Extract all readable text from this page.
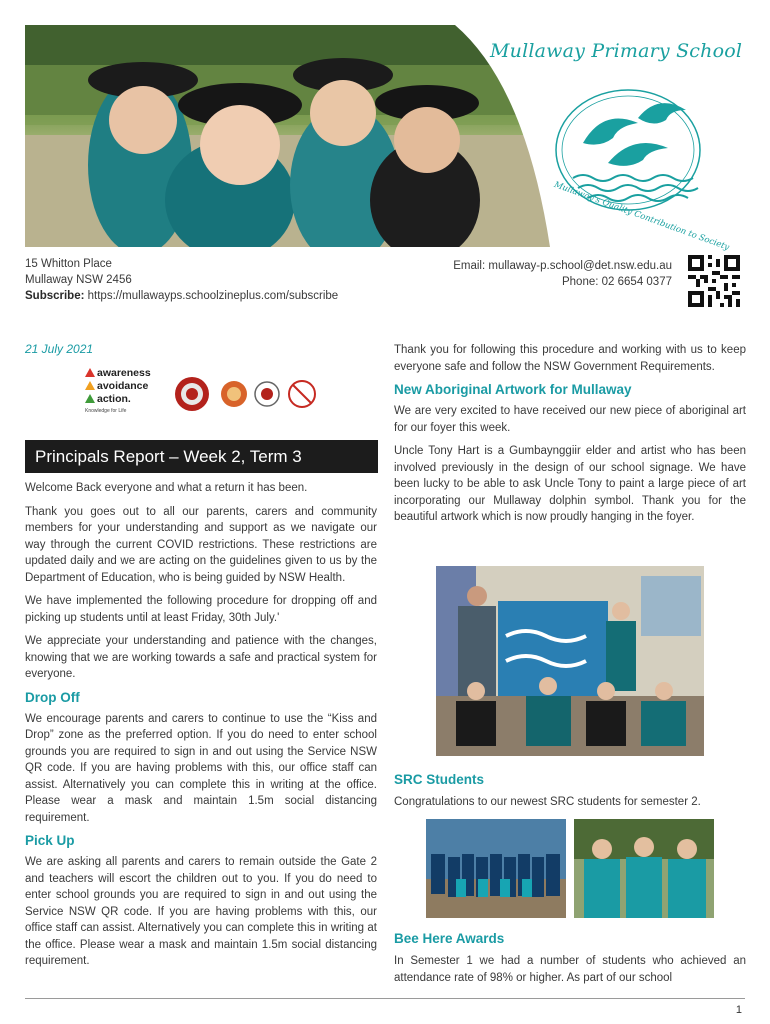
Mullaway Primary School
Mullaway's Quality Contribution to Society
15 Whitton Place
Mullaway NSW 2456
Subscribe: https://mullawayps.schoolzineplus.com/subscribe
Email: mullaway-p.school@det.nsw.edu.au
Phone: 02 6654 0377
21 July 2021
awareness
avoidance
action.
Knowledge for Life
Principals Report – Week 2, Term 3

Welcome Back everyone and what a return it has been.

Thank you goes out to all our parents, carers and community members for your understanding and support as we navigate our way through the current COVID restrictions. These restrictions are updated daily and we are acting on the guidelines given to us by the Department of Education, who is being guided by NSW Health.

We have implemented the following procedure for dropping off and picking up students until at least Friday, 30th July.'

We appreciate your understanding and patience with the changes, knowing that we are working towards a safe and practical system for everyone.

Drop Off

We encourage parents and carers to continue to use the “Kiss and Drop” zone as the preferred option. If you do need to enter school grounds you are required to sign in and out using the Service NSW QR code. If you are having problems with this, our office staff can assist. Alternatively you can complete this in writing at the office. Please wear a mask and maintain 1.5m social distancing requirement.

Pick Up

We are asking all parents and carers to remain outside the Gate 2 and teachers will escort the children out to you. If you do need to enter school grounds you are required to sign in and out using the Service NSW QR code. If you are having problems with this, our office staff can assist. Alternatively you can complete this in writing at the office. Please wear a mask and maintain 1.5m social distancing requirement.

Thank you for following this procedure and working with us to keep everyone safe and follow the NSW Government Requirements.

New Aboriginal Artwork for Mullaway

We are very excited to have received our new piece of aboriginal art for our foyer this week.

Uncle Tony Hart is a Gumbaynggiir elder and artist who has been involved previously in the design of our school signage. We have been lucky to be able to ask Uncle Tony to paint a large piece of art incorporating our Mullaway dolphin symbol. Thank you for the beautiful artwork which is now proudly hanging in the foyer.

SRC Students

Congratulations to our newest SRC students for semester 2.

Bee Here Awards

In Semester 1 we had a number of students who achieved an attendance rate of 98% or higher. As part of our school

1
